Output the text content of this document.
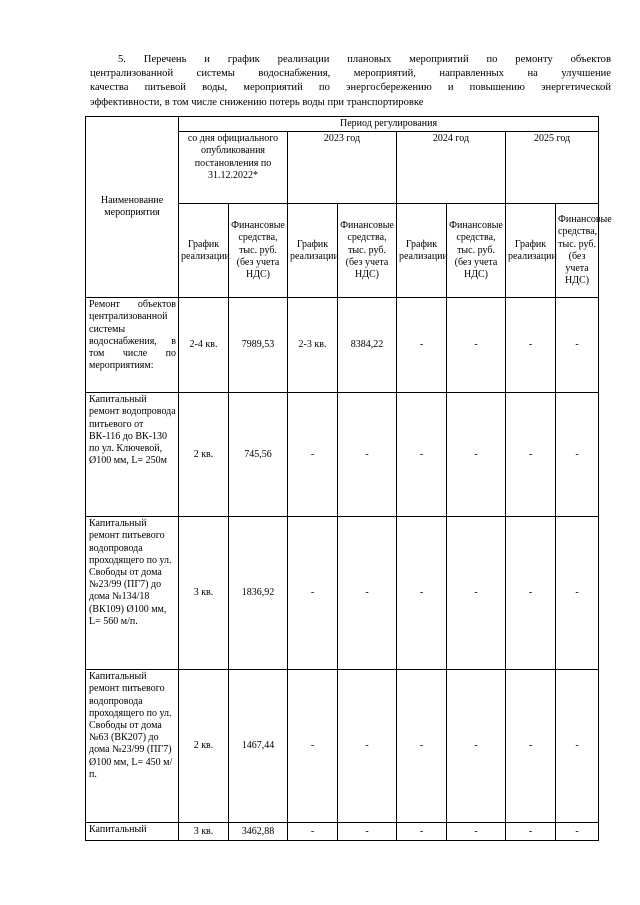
5. Перечень и график реализации плановых мероприятий по ремонту объектов
централизованной системы водоснабжения, мероприятий, направленных на улучшение
качества питьевой воды, мероприятий по энергосбережению и повышению энергетической
эффективности, в том числе снижению потерь воды при транспортировке

Наименование мероприятия	Период регулирования							
	со дня официального опубликования постановления по 31.12.2022*		2023 год		2024 год		2025 год	
	График реализации	Финансовые средства, тыс. руб. (без учета НДС)	График реализации	Финансовые средства, тыс. руб. (без учета НДС)	График реализации	Финансовые средства, тыс. руб. (без учета НДС)	График реализации	Финансовые средства, тыс. руб. (без учета НДС)
Ремонт объектов централизованной системы водоснабжения, в том числе по мероприятиям:	2-4 кв.	7989,53	2-3 кв.	8384,22	-	-	-	-
Капитальный ремонт водопровода питьевого от ВК-116 до ВК-130 по ул. Ключевой, Ø100 мм, L= 250м	2 кв.	745,56	-	-	-	-	-	-
Капитальный ремонт питьевого водопровода проходящего по ул. Свободы от дома №23/99 (ПГ7) до дома №134/18 (ВК109) Ø100 мм, L= 560 м/п.	3 кв.	1836,92	-	-	-	-	-	-
Капитальный ремонт питьевого водопровода проходящего по ул. Свободы от дома №63 (ВК207) до дома №23/99 (ПГ7) Ø100 мм, L= 450 м/п.	2 кв.	1467,44	-	-	-	-	-	-
Капитальный	3 кв.	3462,88	-	-	-	-	-	-
